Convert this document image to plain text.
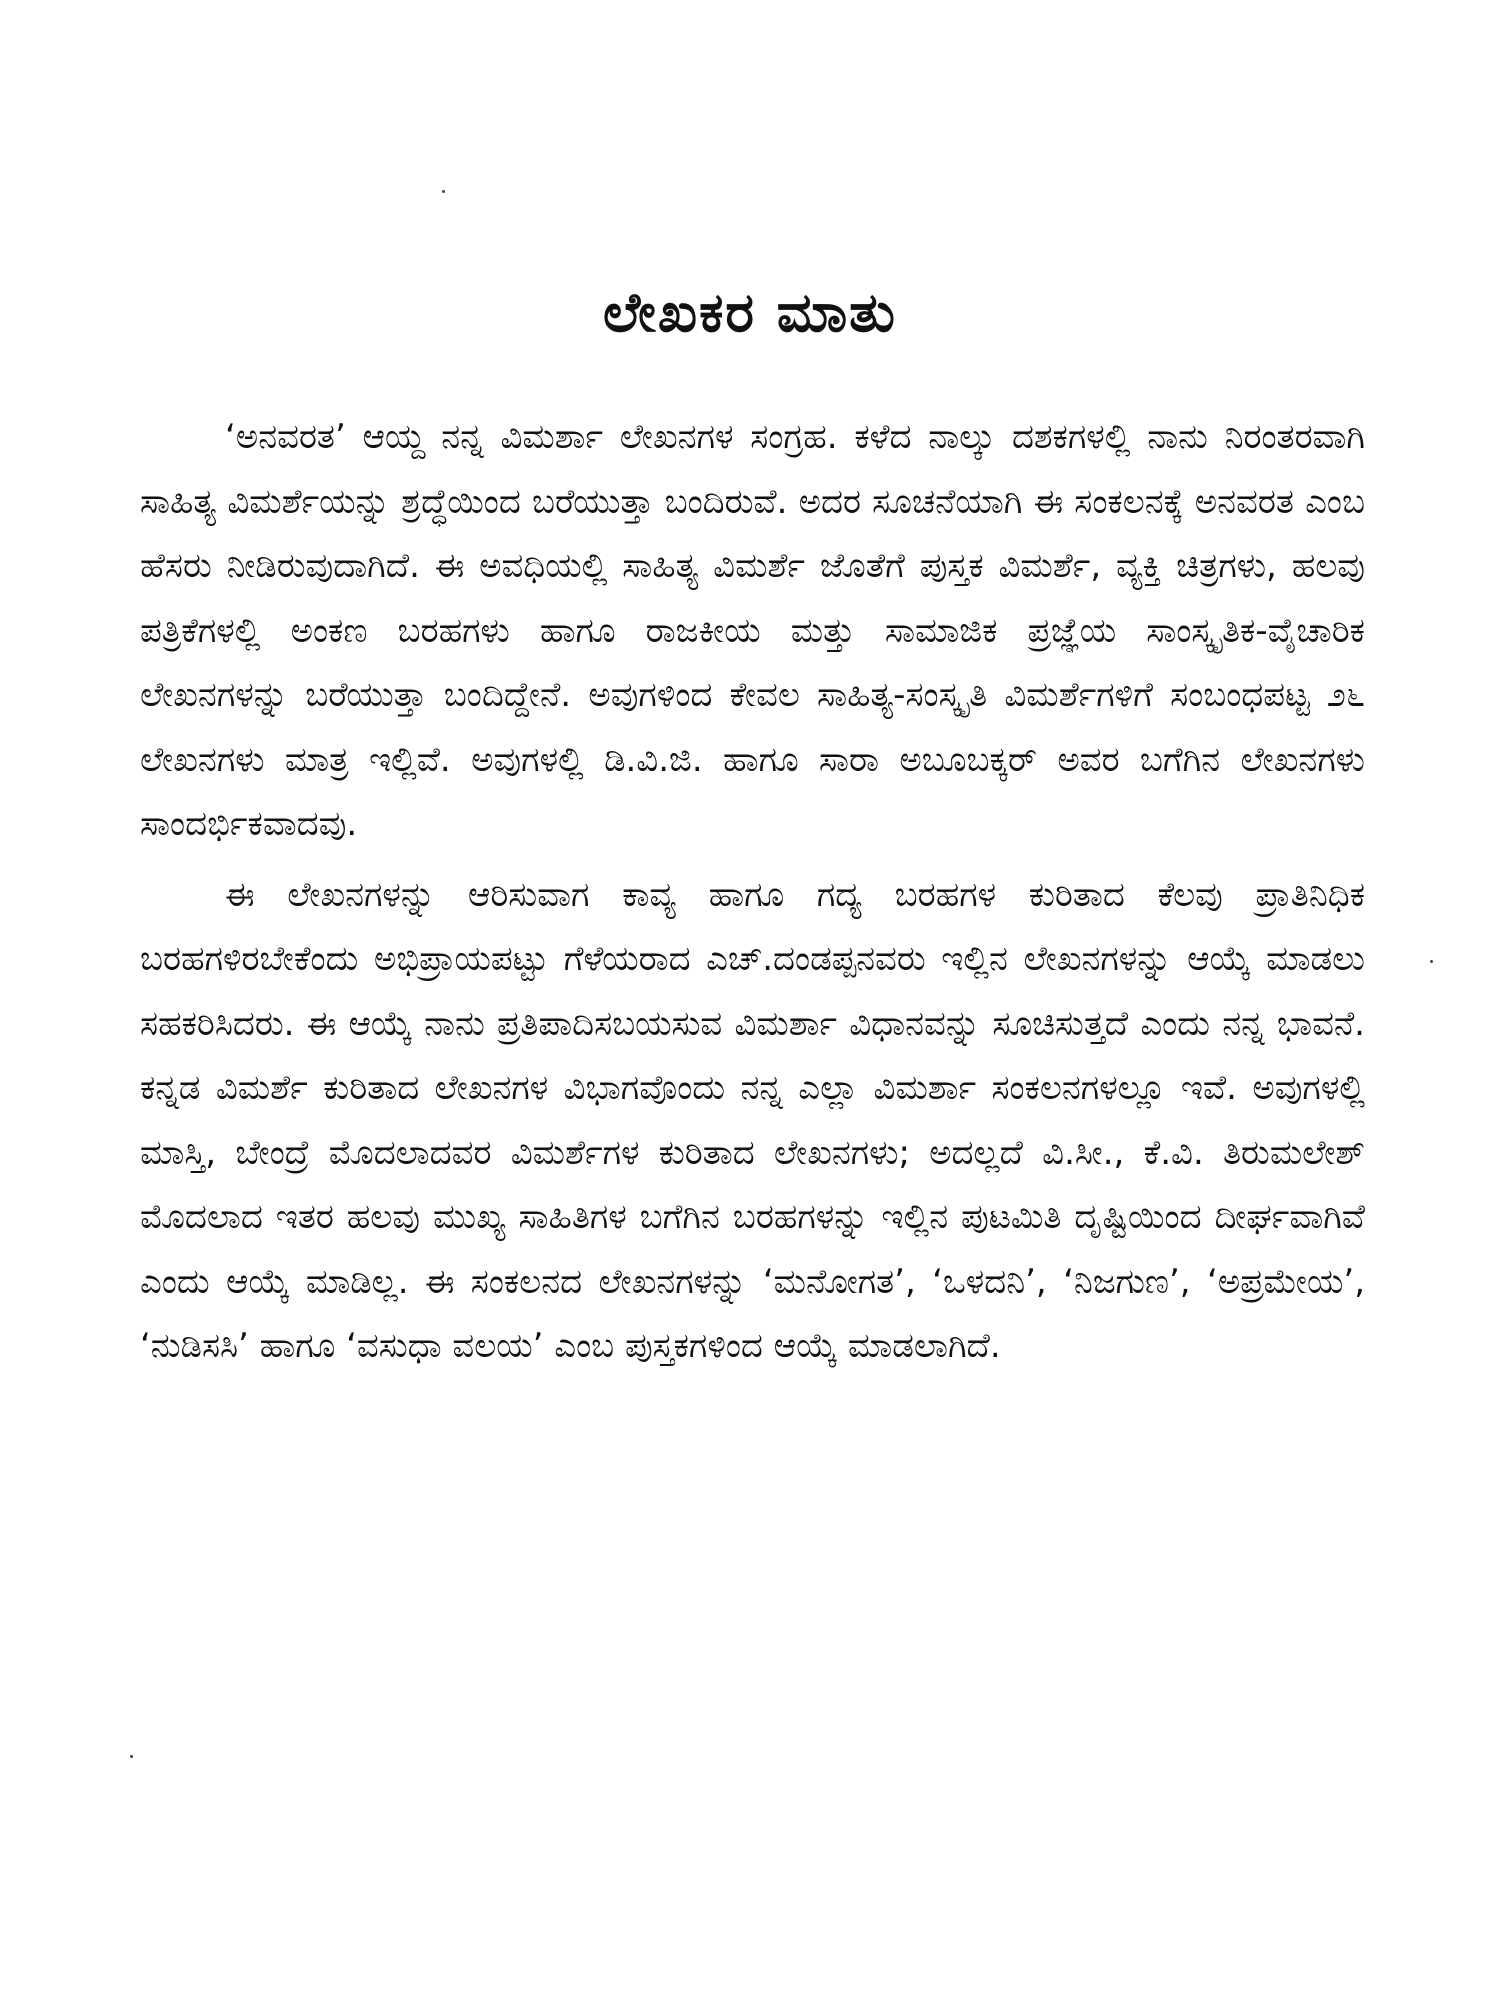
ಲೇಖಕರ ಮಾತು

‘ಅನವರತ’ ಆಯ್ದ ನನ್ನ ವಿಮರ್ಶಾ ಲೇಖನಗಳ ಸಂಗ್ರಹ. ಕಳೆದ ನಾಲ್ಕು ದಶಕಗಳಲ್ಲಿ ನಾನು ನಿರಂತರವಾಗಿ ಸಾಹಿತ್ಯ ವಿಮರ್ಶೆಯನ್ನು ಶ್ರದ್ಧೆಯಿಂದ ಬರೆಯುತ್ತಾ ಬಂದಿರುವೆ. ಅದರ ಸೂಚನೆಯಾಗಿ ಈ ಸಂಕಲನಕ್ಕೆ ಅನವರತ ಎಂಬ ಹೆಸರು ನೀಡಿರುವುದಾಗಿದೆ. ಈ ಅವಧಿಯಲ್ಲಿ ಸಾಹಿತ್ಯ ವಿಮರ್ಶೆ ಜೊತೆಗೆ ಪುಸ್ತಕ ವಿಮರ್ಶೆ, ವ್ಯಕ್ತಿ ಚಿತ್ರಗಳು, ಹಲವು ಪತ್ರಿಕೆಗಳಲ್ಲಿ ಅಂಕಣ ಬರಹಗಳು ಹಾಗೂ ರಾಜಕೀಯ ಮತ್ತು ಸಾಮಾಜಿಕ ಪ್ರಜ್ಞೆಯ ಸಾಂಸ್ಕೃತಿಕ-ವೈಚಾರಿಕ ಲೇಖನಗಳನ್ನು ಬರೆಯುತ್ತಾ ಬಂದಿದ್ದೇನೆ. ಅವುಗಳಿಂದ ಕೇವಲ ಸಾಹಿತ್ಯ-ಸಂಸ್ಕೃತಿ ವಿಮರ್ಶೆಗಳಿಗೆ ಸಂಬಂಧಪಟ್ಟ ೨೬ ಲೇಖನಗಳು ಮಾತ್ರ ಇಲ್ಲಿವೆ. ಅವುಗಳಲ್ಲಿ ಡಿ.ವಿ.ಜಿ. ಹಾಗೂ ಸಾರಾ ಅಬೂಬಕ್ಕರ್ ಅವರ ಬಗೆಗಿನ ಲೇಖನಗಳು ಸಾಂದರ್ಭಿಕವಾದವು.

ಈ ಲೇಖನಗಳನ್ನು ಆರಿಸುವಾಗ ಕಾವ್ಯ ಹಾಗೂ ಗದ್ಯ ಬರಹಗಳ ಕುರಿತಾದ ಕೆಲವು ಪ್ರಾತಿನಿಧಿಕ ಬರಹಗಳಿರಬೇಕೆಂದು ಅಭಿಪ್ರಾಯಪಟ್ಟು ಗೆಳೆಯರಾದ ಎಚ್.ದಂಡಪ್ಪನವರು ಇಲ್ಲಿನ ಲೇಖನಗಳನ್ನು ಆಯ್ಕೆ ಮಾಡಲು ಸಹಕರಿಸಿದರು. ಈ ಆಯ್ಕೆ ನಾನು ಪ್ರತಿಪಾದಿಸಬಯಸುವ ವಿಮರ್ಶಾ ವಿಧಾನವನ್ನು ಸೂಚಿಸುತ್ತದೆ ಎಂದು ನನ್ನ ಭಾವನೆ. ಕನ್ನಡ ವಿಮರ್ಶೆ ಕುರಿತಾದ ಲೇಖನಗಳ ವಿಭಾಗವೊಂದು ನನ್ನ ಎಲ್ಲಾ ವಿಮರ್ಶಾ ಸಂಕಲನಗಳಲ್ಲೂ ಇವೆ. ಅವುಗಳಲ್ಲಿ ಮಾಸ್ತಿ, ಬೇಂದ್ರೆ ಮೊದಲಾದವರ ವಿಮರ್ಶೆಗಳ ಕುರಿತಾದ ಲೇಖನಗಳು; ಅದಲ್ಲದೆ ವಿ.ಸೀ., ಕೆ.ವಿ. ತಿರುಮಲೇಶ್ ಮೊದಲಾದ ಇತರ ಹಲವು ಮುಖ್ಯ ಸಾಹಿತಿಗಳ ಬಗೆಗಿನ ಬರಹಗಳನ್ನು ಇಲ್ಲಿನ ಪುಟಮಿತಿ ದೃಷ್ಟಿಯಿಂದ ದೀರ್ಘವಾಗಿವೆ ಎಂದು ಆಯ್ಕೆ ಮಾಡಿಲ್ಲ. ಈ ಸಂಕಲನದ ಲೇಖನಗಳನ್ನು ‘ಮನೋಗತ’, ‘ಒಳದನಿ’, ‘ನಿಜಗುಣ’, ‘ಅಪ್ರಮೇಯ’, ‘ನುಡಿಸಸಿ’ ಹಾಗೂ ‘ವಸುಧಾ ವಲಯ’ ಎಂಬ ಪುಸ್ತಕಗಳಿಂದ ಆಯ್ಕೆ ಮಾಡಲಾಗಿದೆ.
